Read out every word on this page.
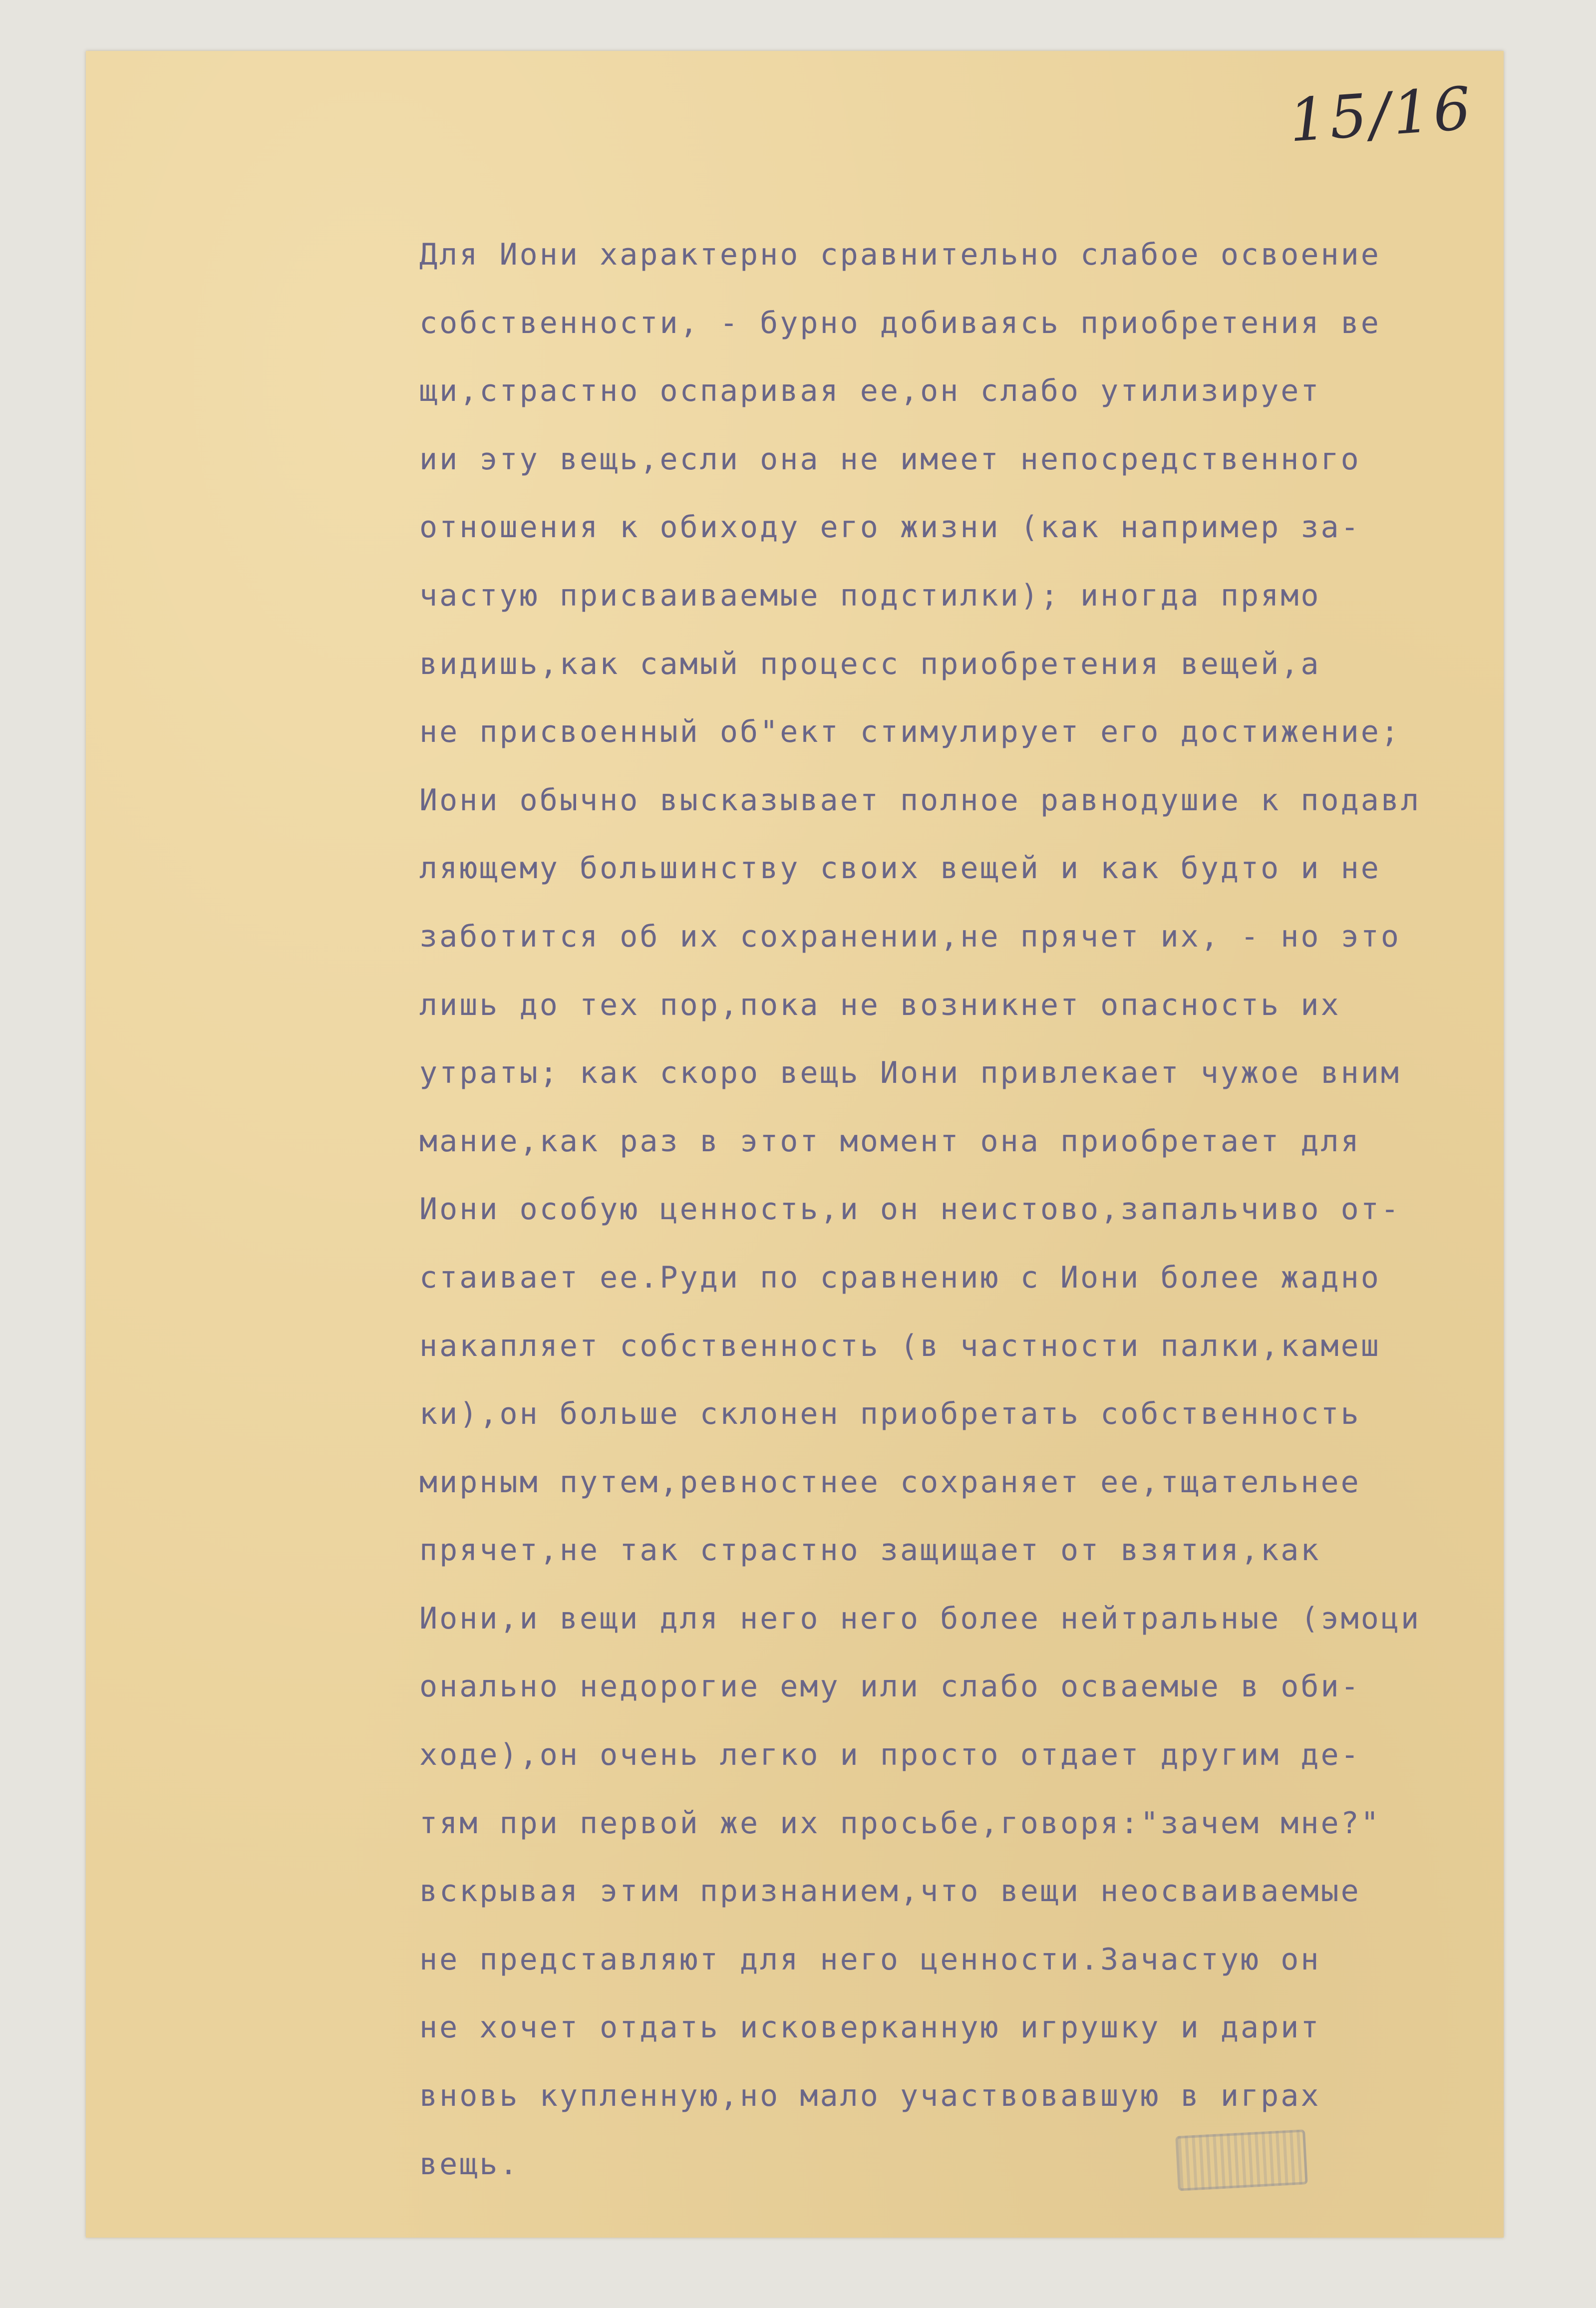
15/16
Для Иони характерно сравнительно слабое освоение
собственности, - бурно добиваясь приобретения ве
щи,страстно оспаривая ее,он слабо утилизирует
ии эту вещь,если она не имеет непосредственного
отношения к обиходу его жизни (как например за-
частую присваиваемые подстилки); иногда прямо
видишь,как самый процесс приобретения вещей,а
не присвоенный об"ект стимулирует его достижение;
Иони обычно высказывает полное равнодушие к подавл
ляющему большинству своих вещей и как будто и не
заботится об их сохранении,не прячет их, - но это
лишь до тех пор,пока не возникнет опасность их
утраты; как скоро вещь Иони привлекает чужое вним
мание,как раз в этот момент она приобретает для
Иони особую ценность,и он неистово,запальчиво от-
стаивает ее.Руди по сравнению с Иони более жадно
накапляет собственность (в частности палки,камеш
ки),он больше склонен приобретать собственность
мирным путем,ревностнее сохраняет ее,тщательнее
прячет,не так страстно защищает от взятия,как
Иони,и вещи для него него более нейтральные (эмоци
онально недорогие ему или слабо осваемые в оби-
ходе),он очень легко и просто отдает другим де-
тям при первой же их просьбе,говоря:"зачем мне?"
вскрывая этим признанием,что вещи неосваиваемые
не представляют для него ценности.Зачастую он
не хочет отдать исковерканную игрушку и дарит
вновь купленную,но мало участвовавшую в играх
вещь.
